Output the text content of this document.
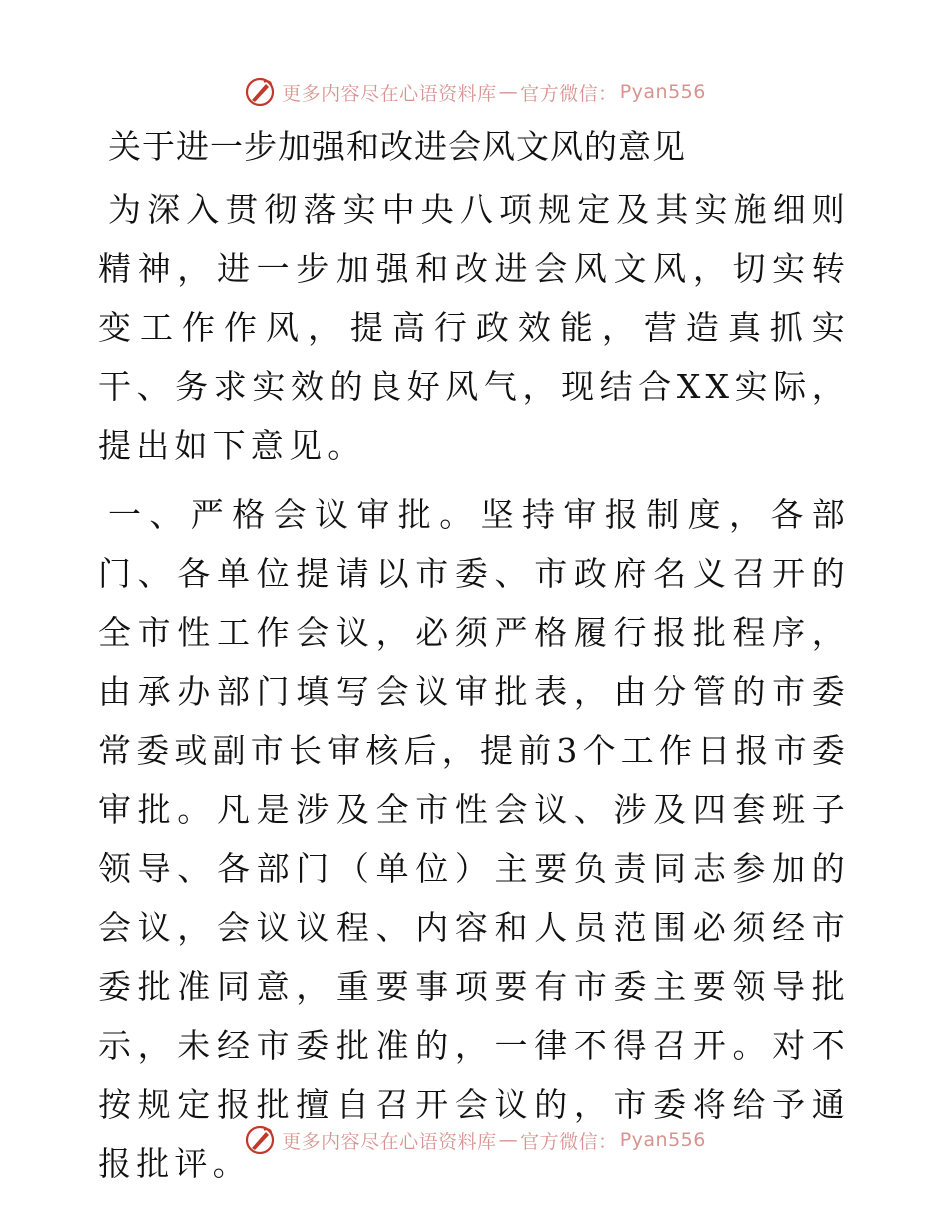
更多内容尽在心语资料库 — 官方微信： Pyan556
关于进一步加强和改进会风文风的意见

为深入贯彻落实中央八项规定及其实施细则精神，进一步加强和改进会风文风，切实转变工作作风，提高行政效能，营造真抓实干、务求实效的良好风气，现结合XX实际，提出如下意见。

一、严格会议审批。坚持审报制度，各部门、各单位提请以市委、市政府名义召开的全市性工作会议，必须严格履行报批程序，由承办部门填写会议审批表，由分管的市委常委或副市长审核后，提前3个工作日报市委审批。凡是涉及全市性会议、涉及四套班子领导、各部门（单位）主要负责同志参加的会议，会议议程、内容和人员范围必须经市委批准同意，重要事项要有市委主要领导批示，未经市委批准的，一律不得召开。对不按规定报批擅自召开会议的，市委将给予通报批评。

更多内容尽在心语资料库 — 官方微信： Pyan556
